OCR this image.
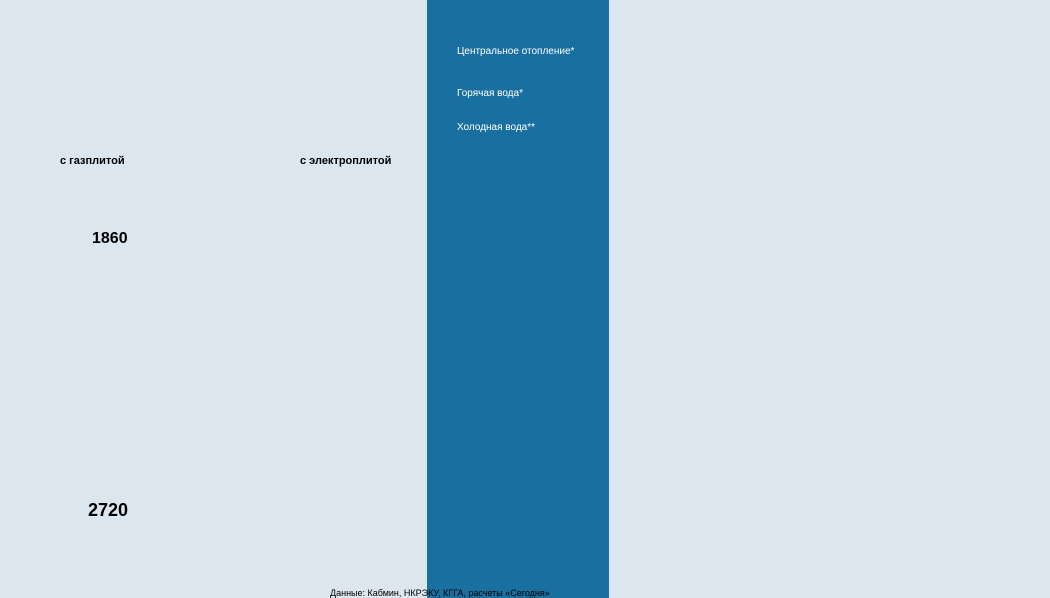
Центральное отопление*
Горячая вода*
Холодная вода**
с газплитой	с электроплитой
1860
2720
Данные: Кабмин, НКРЭКУ, КГГА, расчеты «Сегодня»
